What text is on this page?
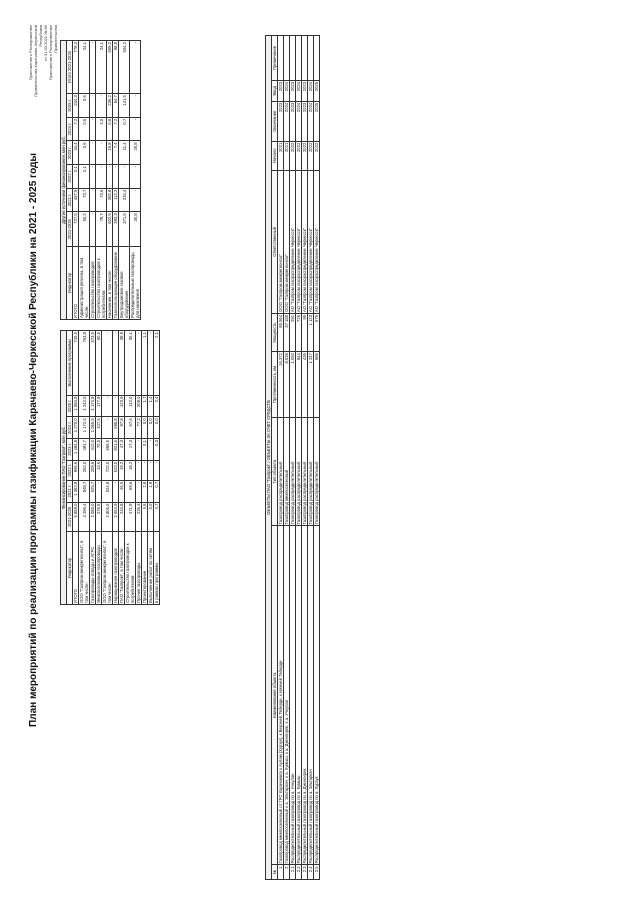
План мероприятий по реализации программы газификации Карачаево-Черкесской Республики на 2021 - 2025 годы
Приложение к Распоряжению Правительства Карачаево-Черкесской Республики от 31.03.2021 № 86 Приложение к Распоряжению Правительства
Другие источники финансирования, млн руб.							
Индикатор	2021-2025	2021 г.	2022 г.	2023 г.	2024 г.	2025 г.	Итого 2021-2025
ИТОГО	727,5	457,9	0,1	44,4	7,2	244,3	778,3
Администрация региона, в том числе:	50,2	73,7	0,1	0,6	0,6	0,6	24,1
Строительство газопроводов	-	-	-	-	-	-	-
Строительство газопроводов к потребителям	78,7	73,6	-	-	4,0	-	24,1
Население, в том числе:	602,5	382,8	-	16,8	0,6	236,2	655,2
Газоиспользующее оборудование	393,3	112,2	-	7,4	7,2	64,7	98,8
Внутридомовое газовое оборудование	371,5	234,4	-	11,4	0,7	141,5	504,2
Распределительные газопроводы для населения	30,8	-	-	25,8	-	-	-
Финансирование ПАО "Газпром", млн руб.							
Индикатор	2021-2025	2021 г.	2022 г.	2023 г.	2024 г.	2025 г.	Выполнение программы
ИТОГО	6 859,0	1 362,9	956,6	1 484,8	1 270,0	1 684,9	745,5
ООО "Газпром межрегионгаз", в том числе:	4 296,4	848,7	262,0	481,7	1 172,5	1 242,5	763,8
Газопроводы-отводы и АГРС	2 080,0	525,7	209,6	412,0	1 065,5	1 174,9	573,6
Межпоселковые газопроводы	276,5	-	13,6	70,5	107,5	177,9	60,5
ООО "Газпром межрегионгаз", в том числе:	2 806,6	524,8	722,0	695,5	-	-	-
Наращивание газопроводов	2 564,9	-	523,0	821,6	595,8	-	-
ПАО "Газпром", в том числе:	244,8	46,5	19,2	47,3	97,8	123,9	38,9
Строительство газопроводов к потребителям	471,9	69,6	18,2	17,3	67,6	112,0	35,1
Прочие газопроводы	226,4	-	-	-	77,2	209,0	-
Проектирование	5,6	2,8	-	0,1	0,0	1,7	1,1
Выполнение работ по сетям	0,0	1,9	-	-	0,0	1,4	-
в рамках программы	4,7	0,7	-	0,3	0,0	2,4	2,1
ОБЪЕКТЫ ПАО "Газпром" / ОБЪЕКТЫ ЗА СЧЕТ СРЕДСТВ									
№	Наименование объекта	Тип объекта	Протяженность, км	Мощность	Ответственный	Начало	Окончание	Ввод	Примечание
1	Газопровод межпоселковый от ГРС Карачаевск к Аулам (Хурзук), к Верхней Теберде, к Нижней Теберде	Газопровод распределительный	16,372	85 564	ООО "Газпром межрегионгаз"	2021	2023	2023	
2	Газопровод межпоселковый к а. Эльтаркач, к а. Кумыш, к а. Джингирик, к а. Учкулан	Газопровод межпоселковый	8,036	37 185	ООО "Газпром межрегионгаз"	2021	2024	2024	
2.1	Распределительный газопровод по а. Учкулан	Газопровод распределительный	1,050	291	АО "Газпром газораспределение Черкесск"	2022	2023	2023	
2.2	Распределительный газопровод по а. Кумыш	Газопровод распределительный	844	726	АО "Газпром газораспределение Черкесск"	2022	2024	2024	
2.3	Распределительный газопровод по а. Джингирик	Газопровод распределительный	435	95	АО "Газпром газораспределение Черкесск"	2022	2023	2023	
2.4	Распределительный газопровод по а. Эльтаркач	Газопровод распределительный	1 247	1 123	АО "Газпром газораспределение Черкесск"	2022	2024	2024	
2.5	Распределительный газопровод по а. Хурзук	Газопровод распределительный	686	675	АО "Газпром газораспределение Черкесск"	2022	2025	2025	
